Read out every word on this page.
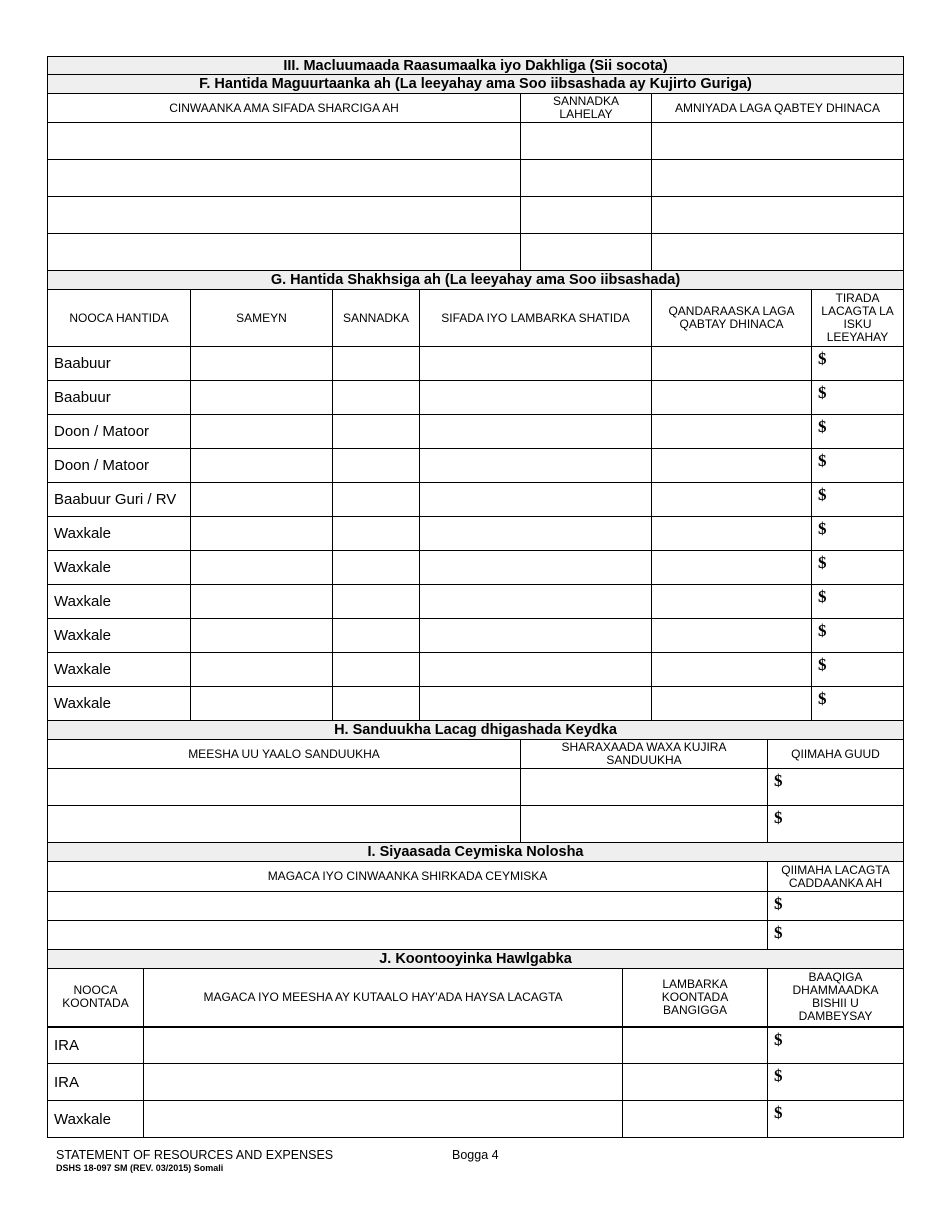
III. Macluumaada Raasumaalka iyo Dakhliga (Sii socota)		
F. Hantida Maguurtaanka ah (La leeyahay ama Soo iibsashada ay Kujirto Guriga)		
CINWAANKA AMA SIFADA SHARCIGA AH	SANNADKA LAHELAY	AMNIYADA LAGA QABTEY DHINACA

G. Hantida Shakhsiga ah (La leeyahay ama Soo iibsashada)					
NOOCA HANTIDA	SAMEYN	SANNADKA	SIFADA IYO LAMBARKA SHATIDA	QANDARAASKA LAGA QABTAY DHINACA	TIRADA LACAGTA LA ISKU LEEYAHAY
Baabuur					$
Baabuur					$
Doon / Matoor					$
Doon / Matoor					$
Baabuur Guri / RV					$
Waxkale					$
Waxkale					$
Waxkale					$
Waxkale					$
Waxkale					$
Waxkale					$
H. Sanduukha Lacag dhigashada Keydka		
MEESHA UU YAALO SANDUUKHA	SHARAXAADA WAXA KUJIRA SANDUUKHA	QIIMAHA GUUD
		$
		$
I. Siyaasada Ceymiska Nolosha	
MAGACA IYO CINWAANKA SHIRKADA CEYMISKA	QIIMAHA LACAGTA CADDAANKA AH
	$
	$
J. Koontooyinka Hawlgabka			
NOOCA KOONTADA	MAGACA IYO MEESHA AY KUTAALO HAY'ADA HAYSA LACAGTA	LAMBARKA KOONTADA BANGIGGA	BAAQIGA DHAMMAADKA BISHII U DAMBEYSAY
IRA			$
IRA			$
Waxkale			$
STATEMENT OF RESOURCES AND EXPENSES
DSHS 18-097 SM (REV. 03/2015) Somali
Bogga 4
